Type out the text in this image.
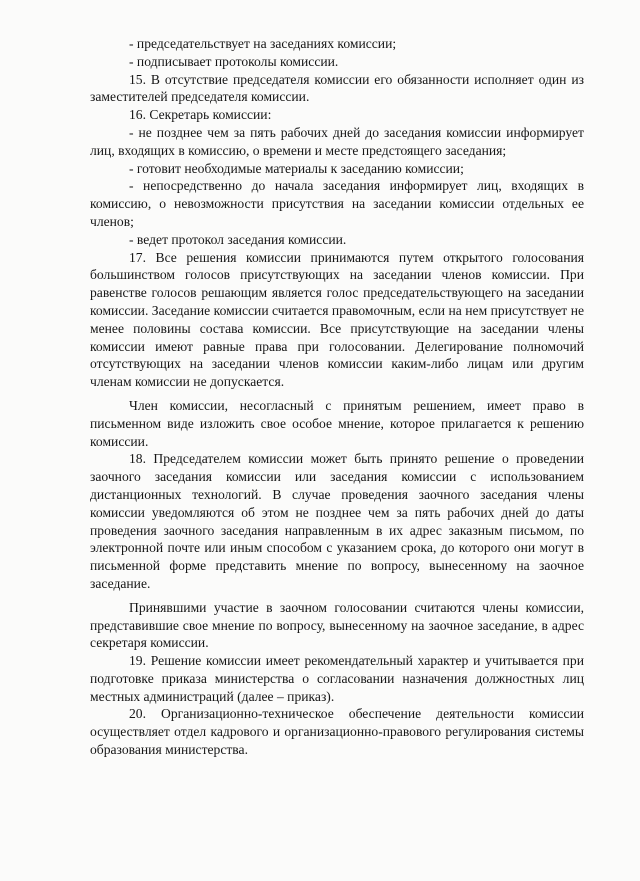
- председательствует на заседаниях комиссии;

- подписывает протоколы комиссии.

15. В отсутствие председателя комиссии его обязанности исполняет один из заместителей председателя комиссии.

16. Секретарь комиссии:

- не позднее чем за пять рабочих дней до заседания комиссии информирует лиц, входящих в комиссию, о времени и месте предстоящего заседания;

- готовит необходимые материалы к заседанию комиссии;

- непосредственно до начала заседания информирует лиц, входящих в комиссию, о невозможности присутствия на заседании комиссии отдельных ее членов;

- ведет протокол заседания комиссии.

17. Все решения комиссии принимаются путем открытого голосования большинством голосов присутствующих на заседании членов комиссии. При равенстве голосов решающим является голос председательствующего на заседании комиссии. Заседание комиссии считается правомочным, если на нем присутствует не менее половины состава комиссии. Все присутствующие на заседании члены комиссии имеют равные права при голосовании. Делегирование полномочий отсутствующих на заседании членов комиссии каким-либо лицам или другим членам комиссии не допускается.

Член комиссии, несогласный с принятым решением, имеет право в письменном виде изложить свое особое мнение, которое прилагается к решению комиссии.

18. Председателем комиссии может быть принято решение о проведении заочного заседания комиссии или заседания комиссии с использованием дистанционных технологий. В случае проведения заочного заседания члены комиссии уведомляются об этом не позднее чем за пять рабочих дней до даты проведения заочного заседания направленным в их адрес заказным письмом, по электронной почте или иным способом с указанием срока, до которого они могут в письменной форме представить мнение по вопросу, вынесенному на заочное заседание.

Принявшими участие в заочном голосовании считаются члены комиссии, представившие свое мнение по вопросу, вынесенному на заочное заседание, в адрес секретаря комиссии.

19. Решение комиссии имеет рекомендательный характер и учитывается при подготовке приказа министерства о согласовании назначения должностных лиц местных администраций (далее – приказ).

20. Организационно-техническое обеспечение деятельности комиссии осуществляет отдел кадрового и организационно-правового регулирования системы образования министерства.
